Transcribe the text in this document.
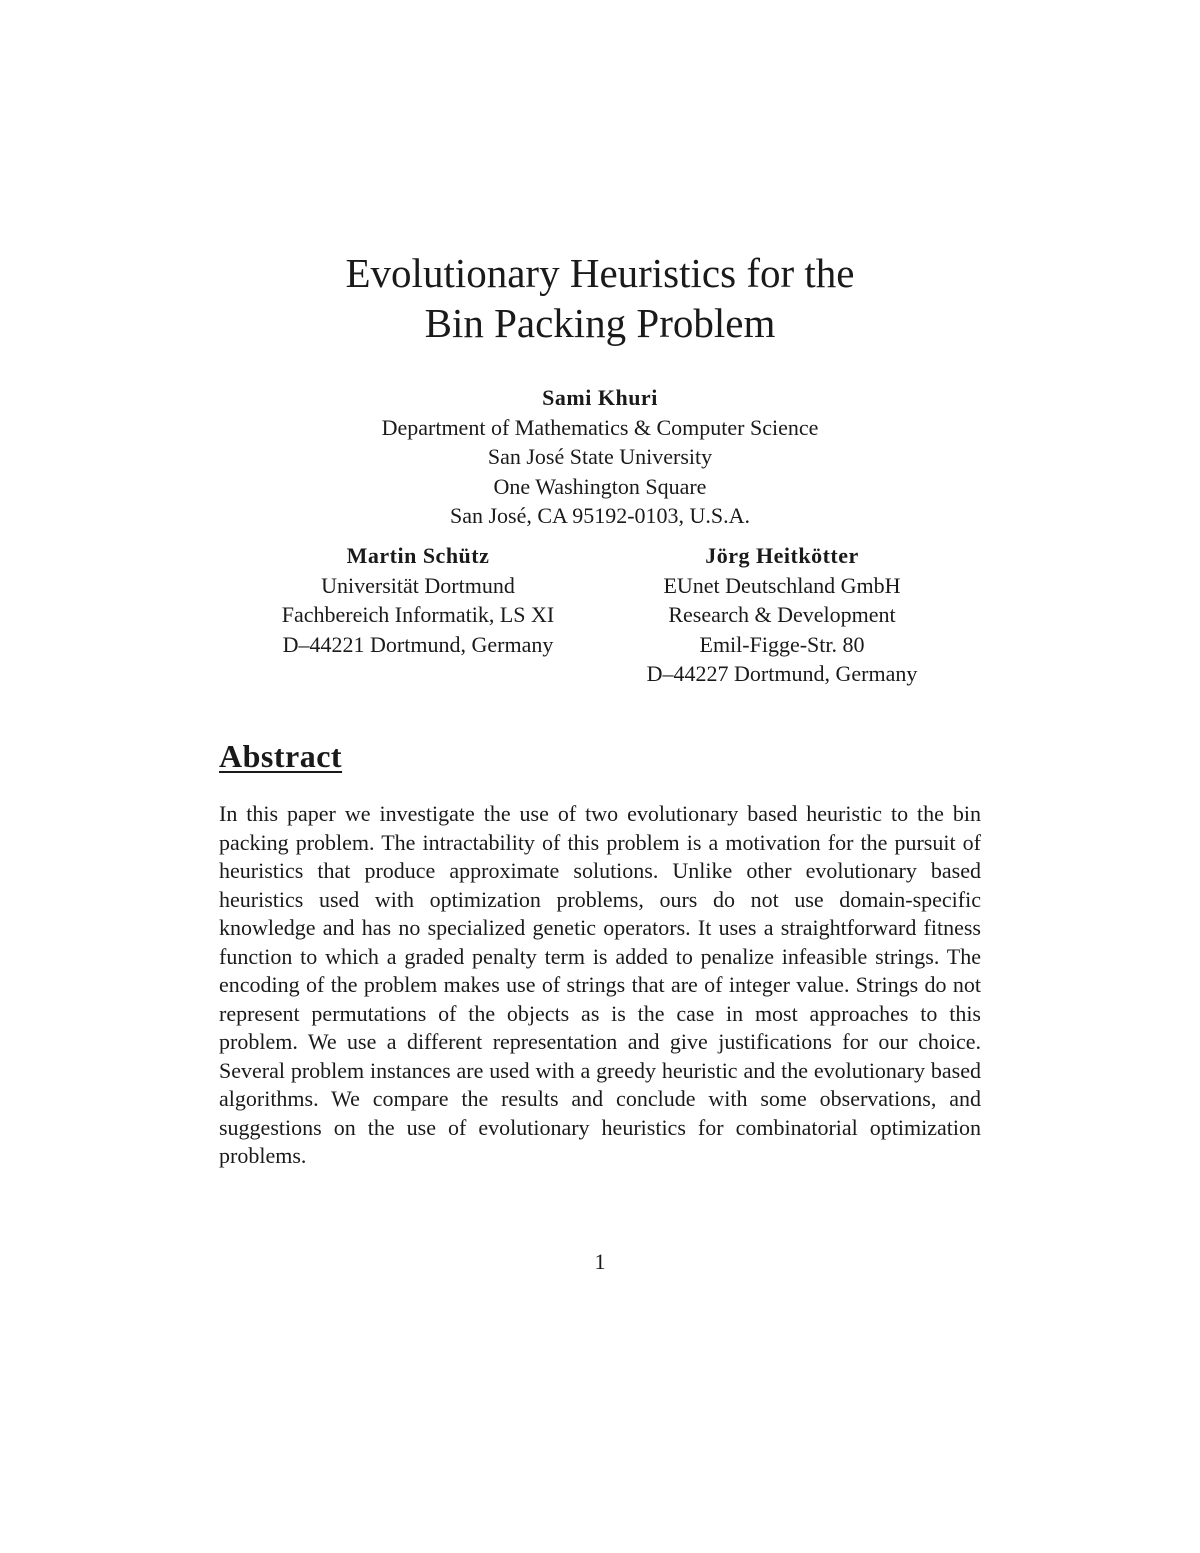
Evolutionary Heuristics for the
Bin Packing Problem
Sami Khuri
Department of Mathematics & Computer Science
San José State University
One Washington Square
San José, CA 95192-0103, U.S.A.
Martin Schütz
Universität Dortmund
Fachbereich Informatik, LS XI
D–44221 Dortmund, Germany
Jörg Heitkötter
EUnet Deutschland GmbH
Research & Development
Emil-Figge-Str. 80
D–44227 Dortmund, Germany
Abstract

In this paper we investigate the use of two evolutionary based heuristic to the bin packing problem. The intractability of this problem is a motivation for the pursuit of heuristics that produce approximate solutions. Unlike other evolutionary based heuristics used with optimization problems, ours do not use domain-specific knowledge and has no specialized genetic operators. It uses a straightforward fitness function to which a graded penalty term is added to penalize infeasible strings. The encoding of the problem makes use of strings that are of integer value. Strings do not represent permutations of the objects as is the case in most approaches to this problem. We use a different representation and give justifications for our choice. Several problem instances are used with a greedy heuristic and the evolutionary based algorithms. We compare the results and conclude with some observations, and suggestions on the use of evolutionary heuristics for combinatorial optimization problems.

1
